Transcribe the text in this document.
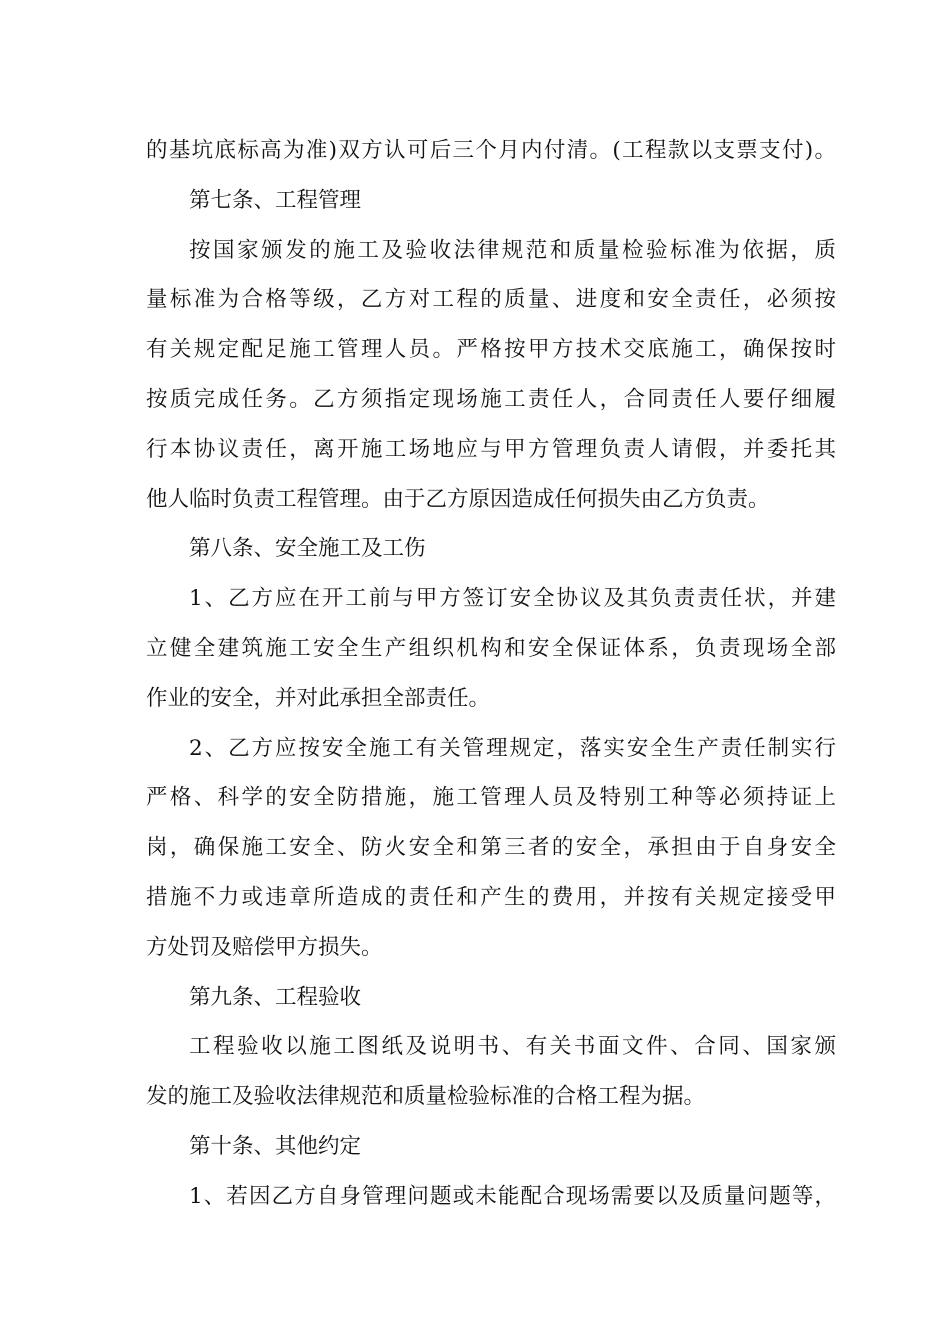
的基坑底标高为准)双方认可后三个月内付清。(工程款以支票支付)。
第七条、工程管理
按国家颁发的施工及验收法律规范和质量检验标准为依据，质
量标准为合格等级，乙方对工程的质量、进度和安全责任，必须按
有关规定配足施工管理人员。严格按甲方技术交底施工，确保按时
按质完成任务。乙方须指定现场施工责任人，合同责任人要仔细履
行本协议责任，离开施工场地应与甲方管理负责人请假，并委托其
他人临时负责工程管理。由于乙方原因造成任何损失由乙方负责。
第八条、安全施工及工伤
1、乙方应在开工前与甲方签订安全协议及其负责责任状，并建
立健全建筑施工安全生产组织机构和安全保证体系，负责现场全部
作业的安全，并对此承担全部责任。
2、乙方应按安全施工有关管理规定，落实安全生产责任制实行
严格、科学的安全防措施，施工管理人员及特别工种等必须持证上
岗，确保施工安全、防火安全和第三者的安全，承担由于自身安全
措施不力或违章所造成的责任和产生的费用，并按有关规定接受甲
方处罚及赔偿甲方损失。
第九条、工程验收
工程验收以施工图纸及说明书、有关书面文件、合同、国家颁
发的施工及验收法律规范和质量检验标准的合格工程为据。
第十条、其他约定
1、若因乙方自身管理问题或未能配合现场需要以及质量问题等，
